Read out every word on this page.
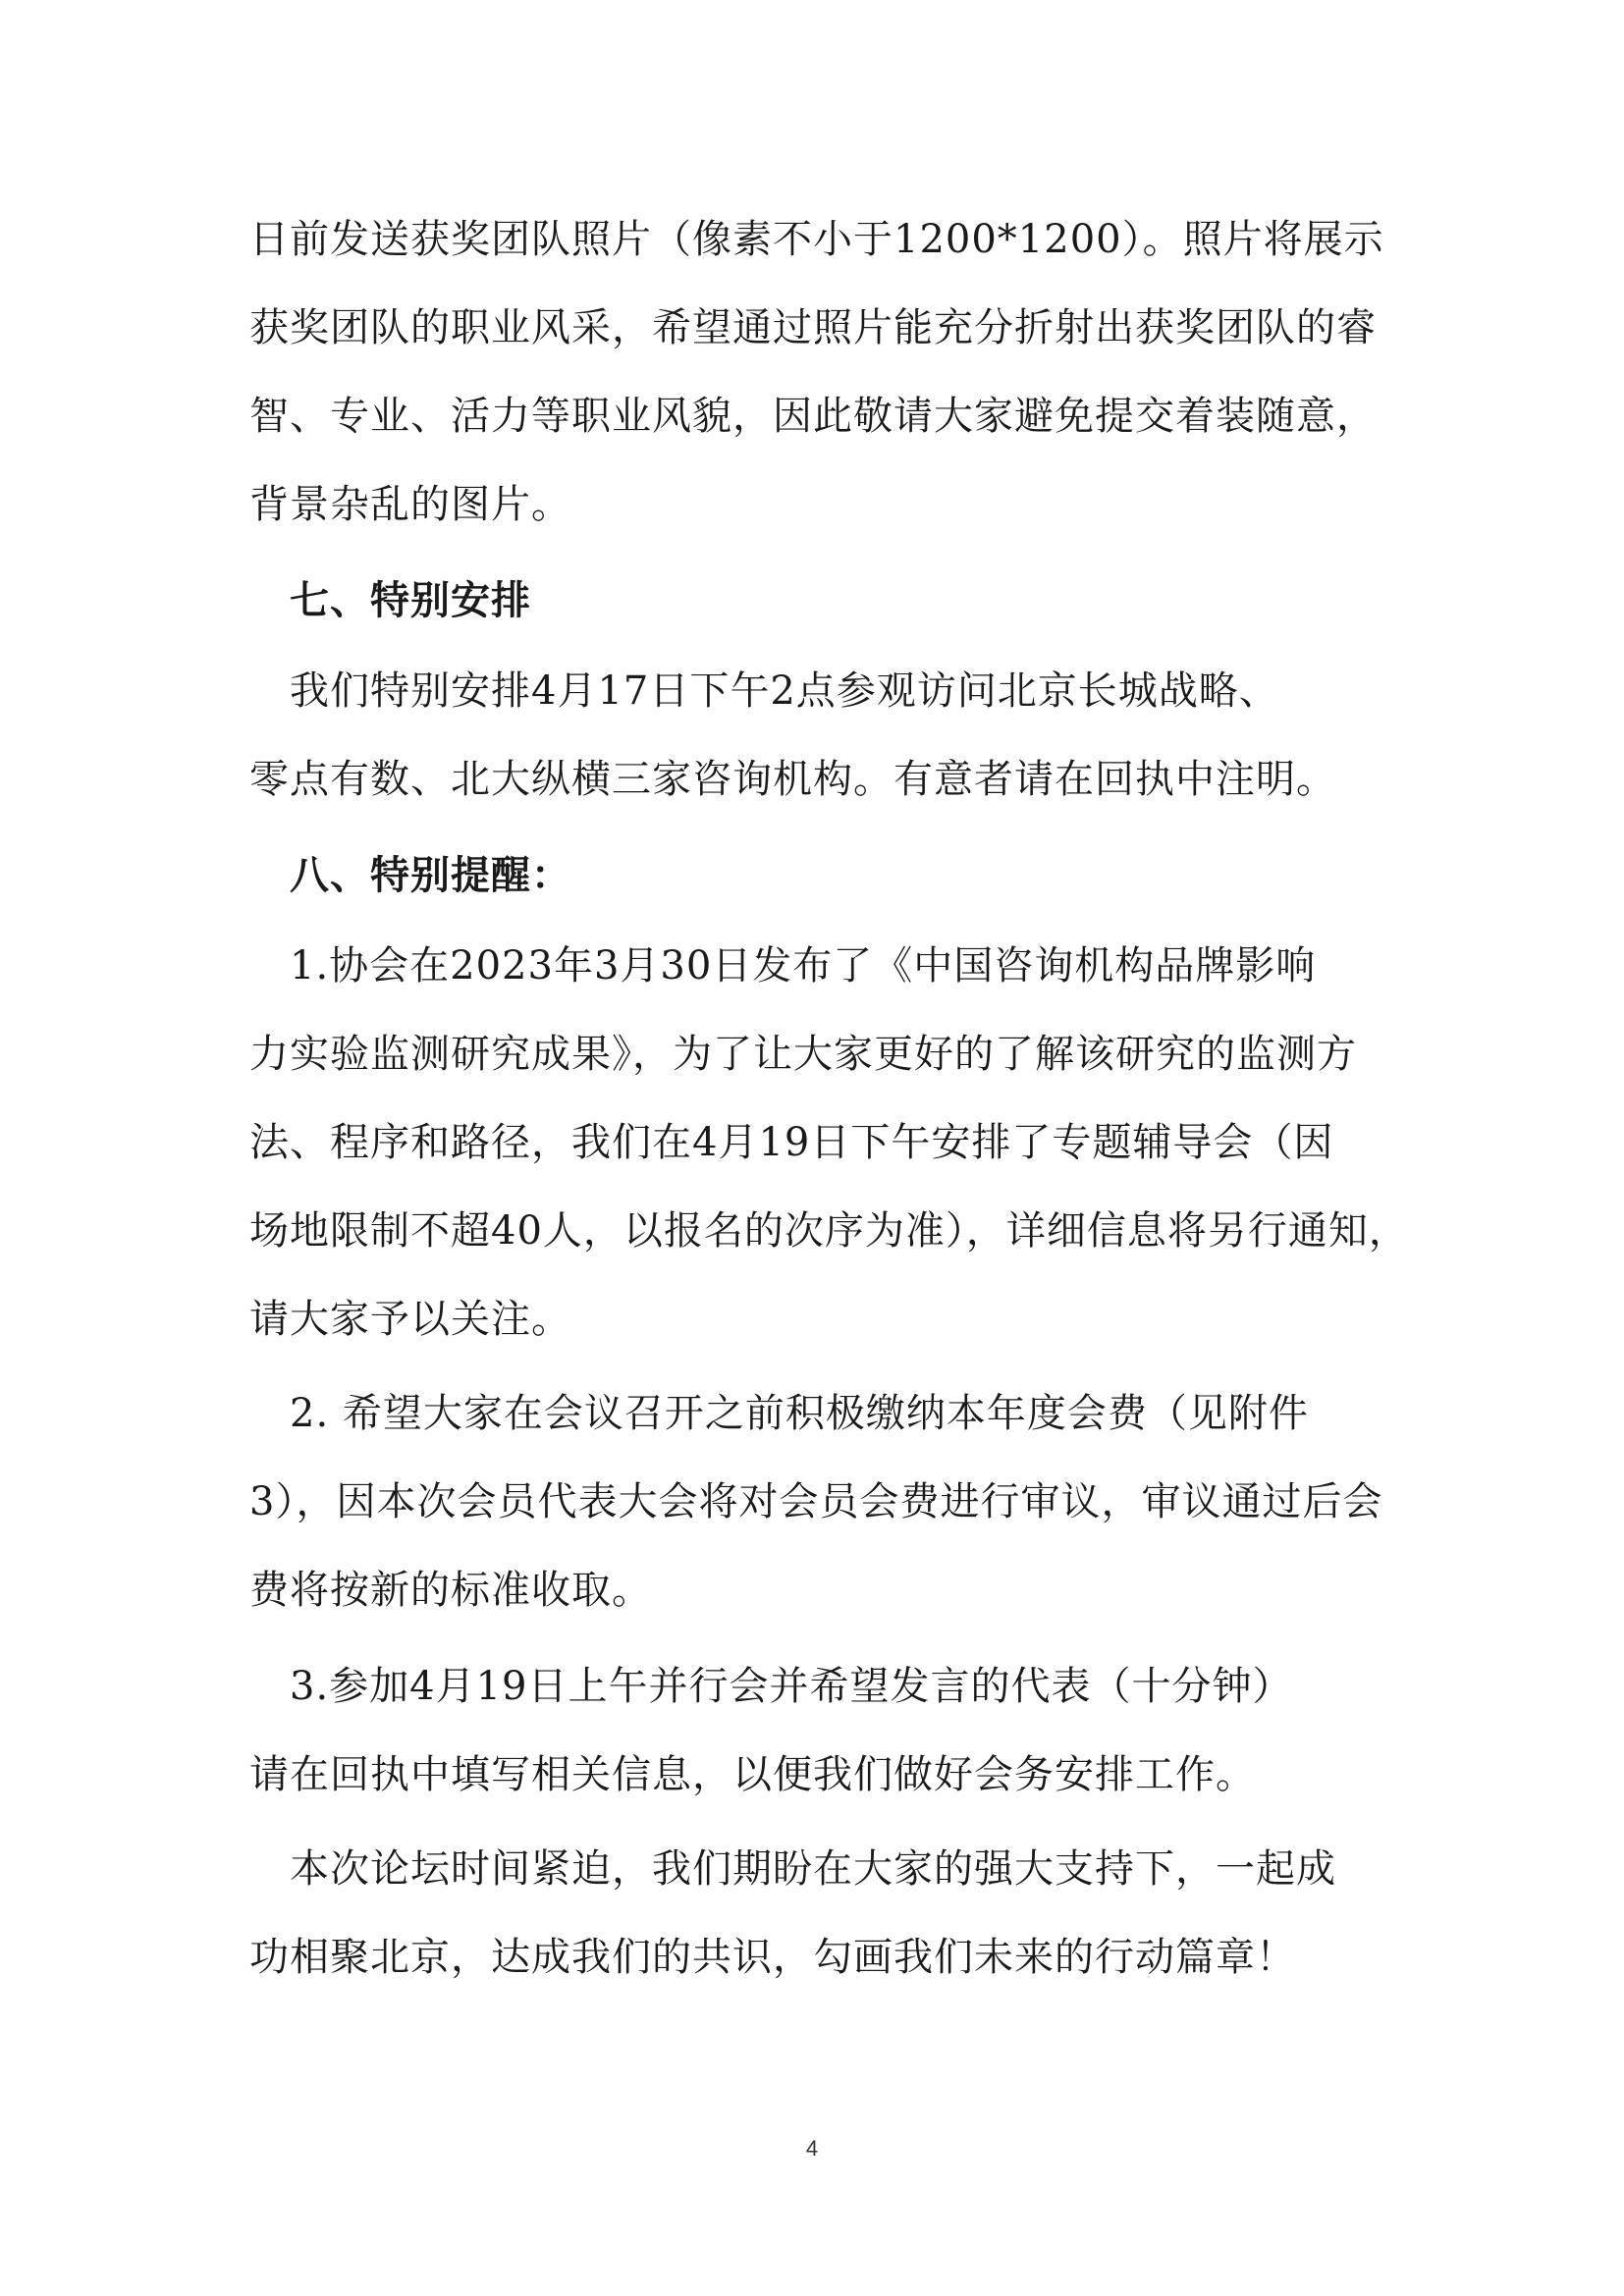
日前发送获奖团队照片（像素不小于1200*1200）。照片将展示
获奖团队的职业风采，希望通过照片能充分折射出获奖团队的睿
智、专业、活力等职业风貌，因此敬请大家避免提交着装随意，
背景杂乱的图片。
　七、特别安排
　我们特别安排4月17日下午2点参观访问北京长城战略、
零点有数、北大纵横三家咨询机构。有意者请在回执中注明。
　八、特别提醒：
　1.协会在2023年3月30日发布了《中国咨询机构品牌影响
力实验监测研究成果》，为了让大家更好的了解该研究的监测方
法、程序和路径，我们在4月19日下午安排了专题辅导会（因
场地限制不超40人，以报名的次序为准），详细信息将另行通知，
请大家予以关注。
　2. 希望大家在会议召开之前积极缴纳本年度会费（见附件
3），因本次会员代表大会将对会员会费进行审议，审议通过后会
费将按新的标准收取。
　3.参加4月19日上午并行会并希望发言的代表（十分钟）
请在回执中填写相关信息，以便我们做好会务安排工作。
　本次论坛时间紧迫，我们期盼在大家的强大支持下，一起成
功相聚北京，达成我们的共识，勾画我们未来的行动篇章！
4
